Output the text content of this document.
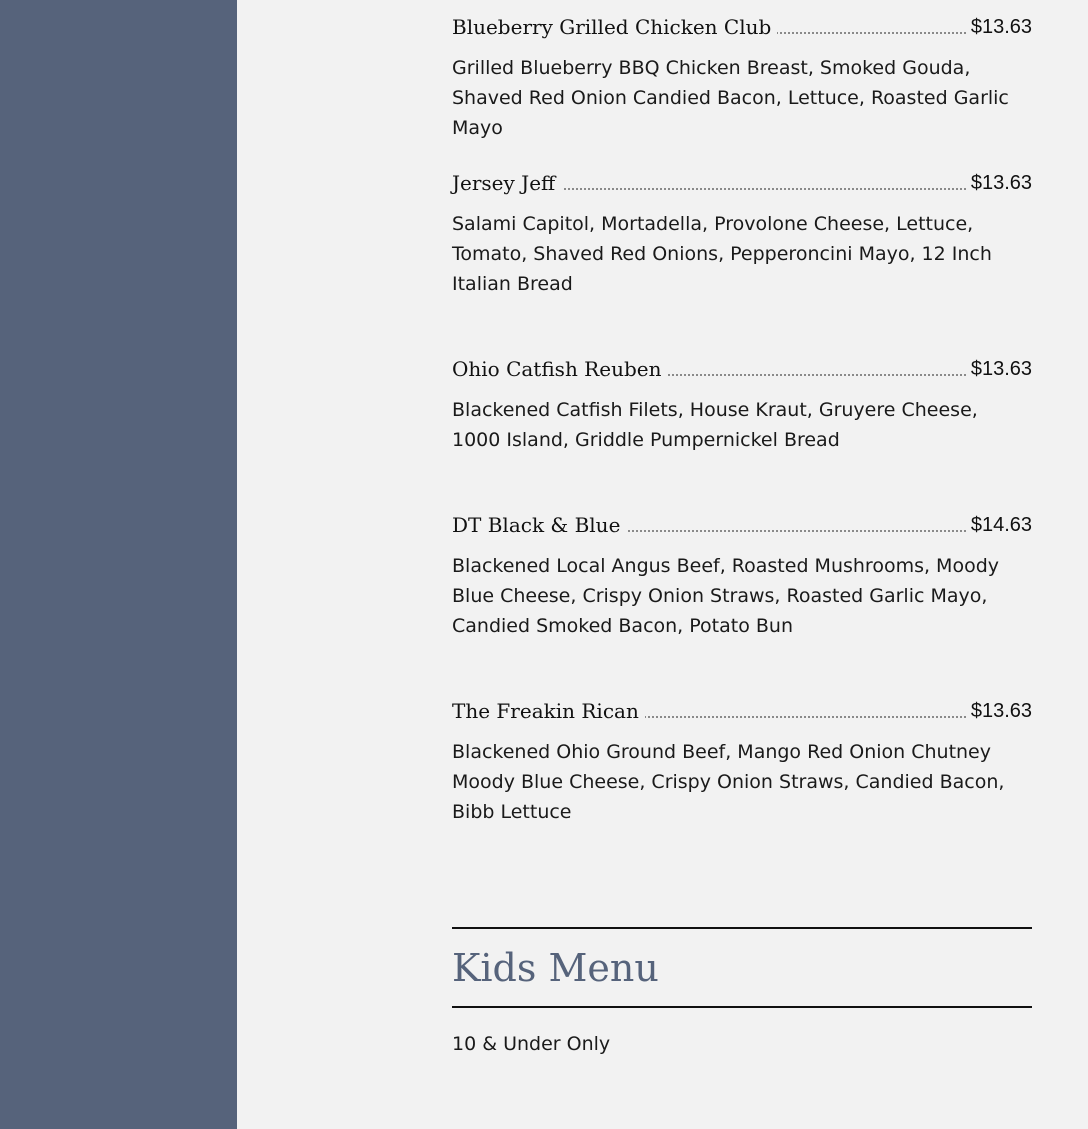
Blueberry Grilled Chicken Club	$13.63
Grilled Blueberry BBQ Chicken Breast, Smoked Gouda, Shaved Red Onion Candied Bacon, Lettuce, Roasted Garlic Mayo
Jersey Jeff	$13.63
Salami Capitol, Mortadella, Provolone Cheese, Lettuce, Tomato, Shaved Red Onions, Pepperoncini Mayo, 12 Inch Italian Bread
Ohio Catfish Reuben	$13.63
Blackened Catfish Filets, House Kraut, Gruyere Cheese, 1000 Island, Griddle Pumpernickel Bread
DT Black & Blue	$14.63
Blackened Local Angus Beef, Roasted Mushrooms, Moody Blue Cheese, Crispy Onion Straws, Roasted Garlic Mayo, Candied Smoked Bacon, Potato Bun
The Freakin Rican	$13.63
Blackened Ohio Ground Beef, Mango Red Onion Chutney Moody Blue Cheese, Crispy Onion Straws, Candied Bacon, Bibb Lettuce
Kids Menu
10 & Under Only
